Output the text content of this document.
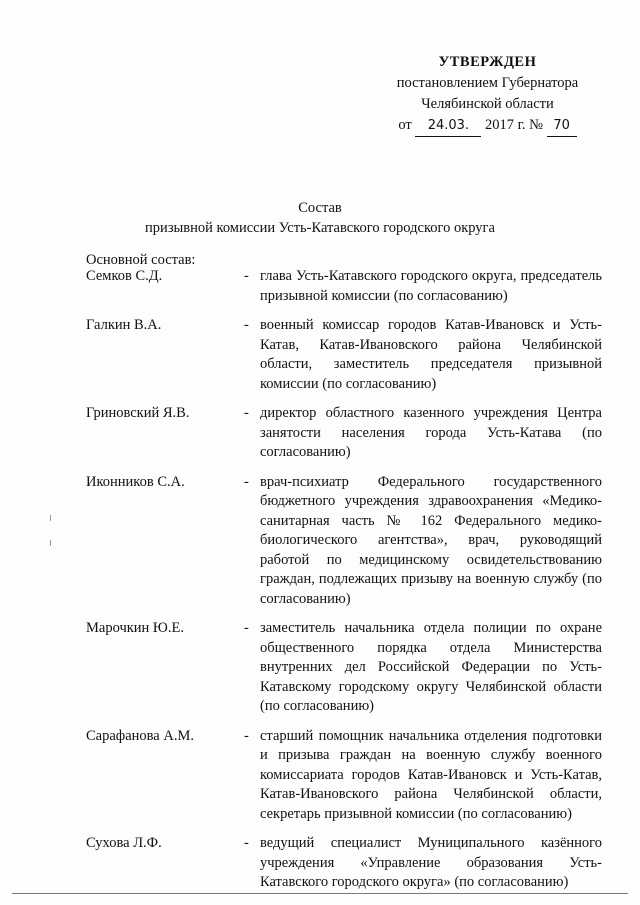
УТВЕРЖДЕН
постановлением Губернатора
Челябинской области
от 24.03. 2017 г. № 70
Состав
призывной комиссии Усть-Катавского городского округа
Основной состав:
Семков С.Д.	- глава Усть-Катавского городского округа, председатель призывной комиссии (по согласованию)
Галкин В.А.	- военный комиссар городов Катав-Ивановск и Усть-Катав, Катав-Ивановского района Челябинской области, заместитель председателя призывной комиссии (по согласованию)
Гриновский Я.В.	- директор областного казенного учреждения Центра занятости населения города Усть-Катава (по согласованию)
Иконников С.А.	- врач-психиатр Федерального государственного бюджетного учреждения здравоохранения «Медико-санитарная часть № 162 Федерального медико-биологического агентства», врач, руководящий работой по медицинскому освидетельствованию граждан, подлежащих призыву на военную службу (по согласованию)
Марочкин Ю.Е.	- заместитель начальника отдела полиции по охране общественного порядка отдела Министерства внутренних дел Российской Федерации по Усть-Катавскому городскому округу Челябинской области (по согласованию)
Сарафанова А.М.	- старший помощник начальника отделения подготовки и призыва граждан на военную службу военного комиссариата городов Катав-Ивановск и Усть-Катав, Катав-Ивановского района Челябинской области, секретарь призывной комиссии (по согласованию)
Сухова Л.Ф.	- ведущий специалист Муниципального казённого учреждения «Управление образования Усть-Катавского городского округа» (по согласованию)
